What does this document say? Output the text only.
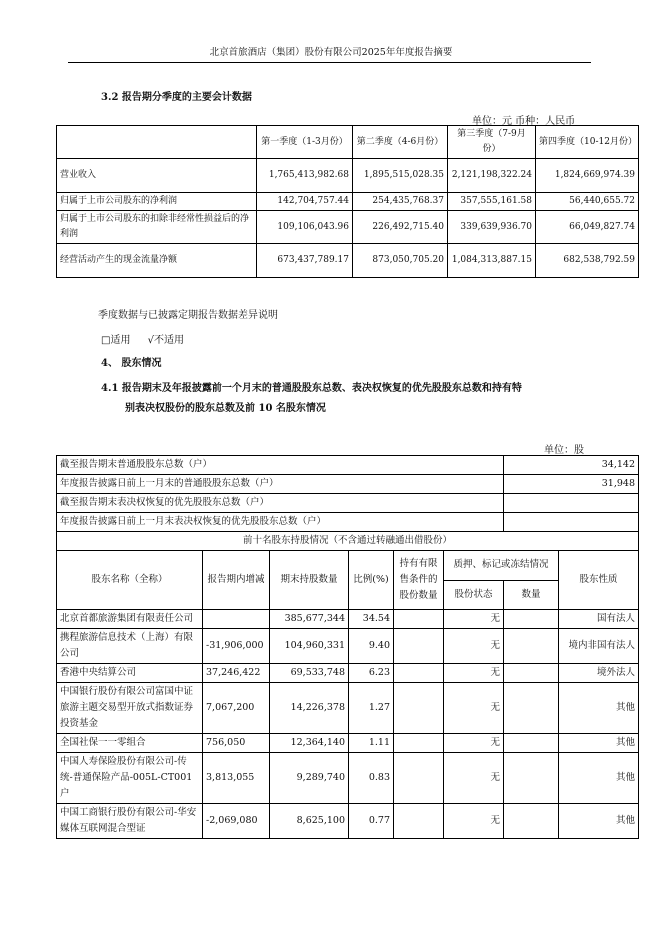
北京首旅酒店（集团）股份有限公司2025年年度报告摘要
3.2 报告期分季度的主要会计数据
单位：元 币种：人民币
	第一季度（1-3月份）	第二季度（4-6月份）	第三季度（7-9月份）	第四季度（10-12月份）
营业收入	1,765,413,982.68	1,895,515,028.35	2,121,198,322.24	1,824,669,974.39
归属于上市公司股东的净利润	142,704,757.44	254,435,768.37	357,555,161.58	56,440,655.72
归属于上市公司股东的扣除非经常性损益后的净利润	109,106,043.96	226,492,715.40	339,639,936.70	66,049,827.74
经营活动产生的现金流量净额	673,437,789.17	873,050,705.20	1,084,313,887.15	682,538,792.59
季度数据与已披露定期报告数据差异说明
□适用 √不适用
4、 股东情况
4.1 报告期末及年报披露前一个月末的普通股股东总数、表决权恢复的优先股股东总数和持有特
别表决权股份的股东总数及前 10 名股东情况
单位：股
截至报告期末普通股股东总数（户）						34,142	
年度报告披露日前上一月末的普通股股东总数（户）						31,948	
截至报告期末表决权恢复的优先股股东总数（户）							
年度报告披露日前上一月末表决权恢复的优先股股东总数（户）							
前十名股东持股情况（不含通过转融通出借股份）							
股东名称（全称）	报告期内增减	期末持股数量	比例(%)	持有有限售条件的股份数量	质押、标记或冻结情况		股东性质
					股份状态	数量	
北京首都旅游集团有限责任公司		385,677,344	34.54		无		国有法人
携程旅游信息技术（上海）有限公司	-31,906,000	104,960,331	9.40		无		境内非国有法人
香港中央结算公司	37,246,422	69,533,748	6.23		无		境外法人
中国银行股份有限公司富国中证旅游主题交易型开放式指数证券投资基金	7,067,200	14,226,378	1.27		无		其他
全国社保一一零组合	756,050	12,364,140	1.11		无		其他
中国人寿保险股份有限公司-传统-普通保险产品-005L-CT001户	3,813,055	9,289,740	0.83		无		其他
中国工商银行股份有限公司-华安媒体互联网混合型证	-2,069,080	8,625,100	0.77		无		其他
